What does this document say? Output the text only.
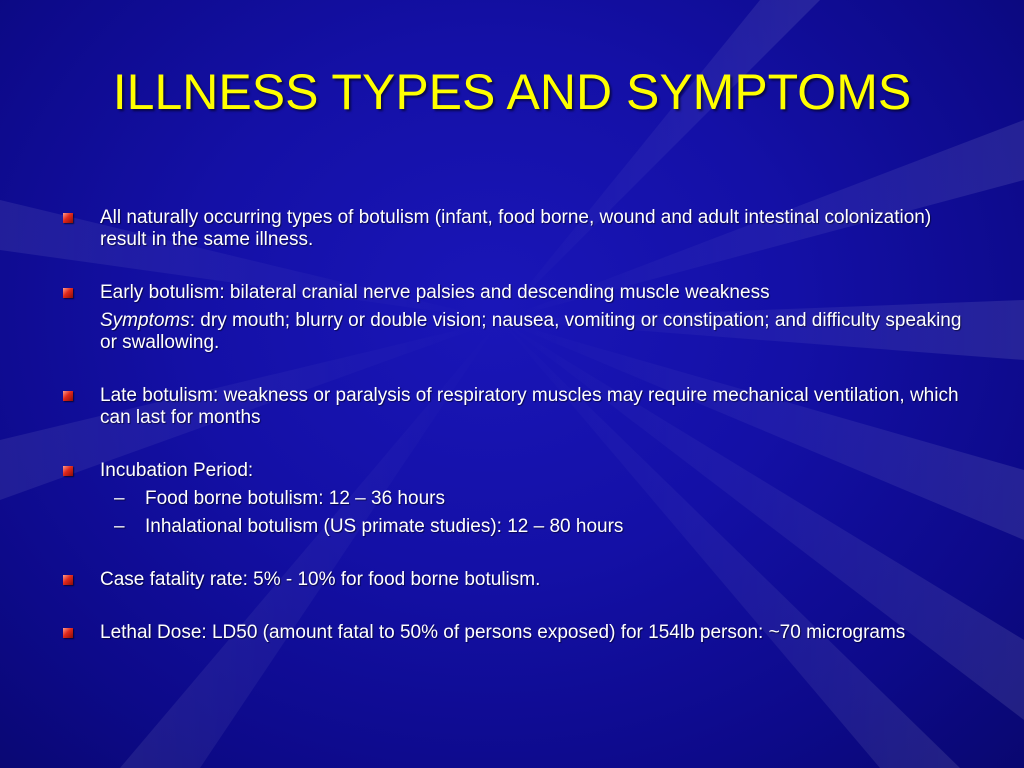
ILLNESS TYPES AND SYMPTOMS
All naturally occurring types of botulism (infant, food borne, wound and adult intestinal colonization) result in the same illness.
Early botulism: bilateral cranial nerve palsies and descending muscle weakness
Symptoms: dry mouth; blurry or double vision; nausea, vomiting or constipation; and difficulty speaking or swallowing.
Late botulism: weakness or paralysis of respiratory muscles may require mechanical ventilation, which can last for months
Incubation Period:
– Food borne botulism: 12 – 36 hours
– Inhalational botulism (US primate studies): 12 – 80 hours
Case fatality rate: 5% - 10% for food borne botulism.
Lethal Dose: LD50 (amount fatal to 50% of persons exposed) for 154lb person: ~70 micrograms
